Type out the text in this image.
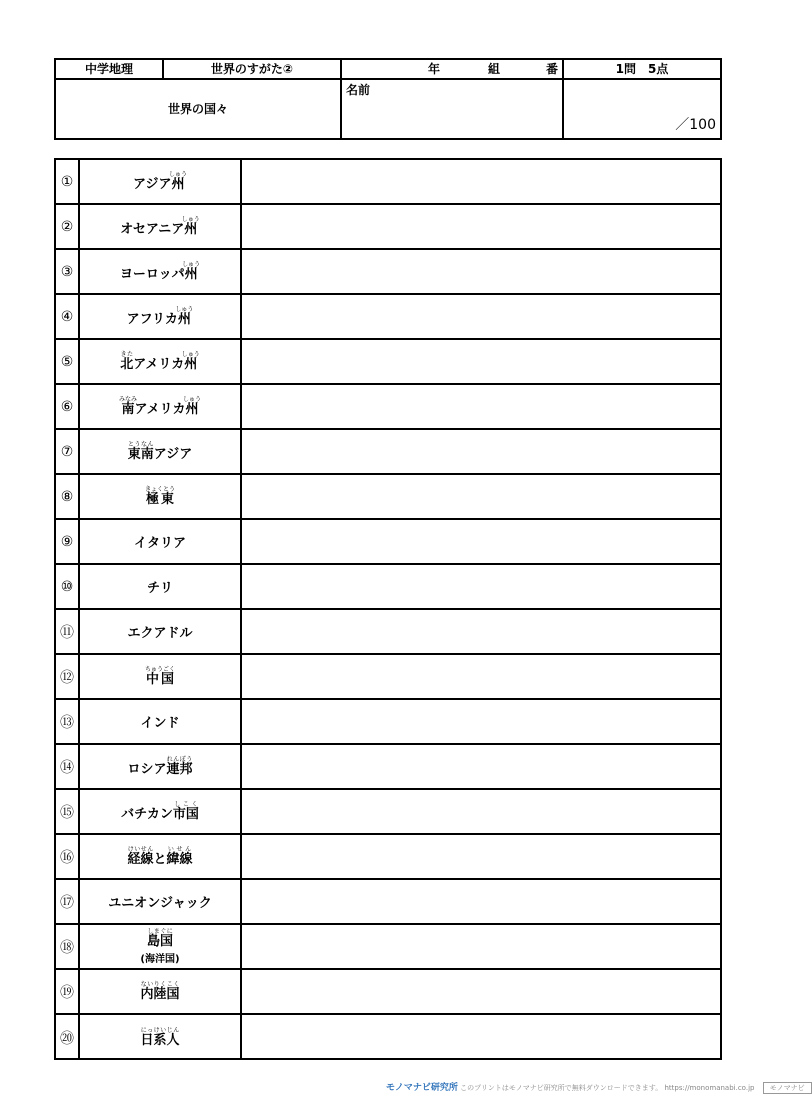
中学地理	世界のすがた②	年	組	番	1問　5点
世界の国々
名前
／100
①	アジア州しゅう
②	オセアニア州しゅう
③	ヨーロッパ州しゅう
④	アフリカ州しゅう
⑤	北きたアメリカ州しゅう
⑥	南みなみアメリカ州しゅう
⑦	東南とうなんアジア
⑧	極東きょくとう
⑨	イタリア
⑩	チリ
⑪	エクアドル
⑫	中国ちゅうごく
⑬	インド
⑭	ロシア連邦れんぽう
⑮	バチカン市国しこく
⑯	経線けいせんと緯線いせん
⑰	ユニオンジャック
⑱	島国しまぐに
(海洋国)
⑲	内陸国ないりくこく
⑳	日系人にっけいじん
モノマナビ研究所 このプリントはモノマナビ研究所で無料ダウンロードできます。 https://monomanabi.co.jp モノマナビ
